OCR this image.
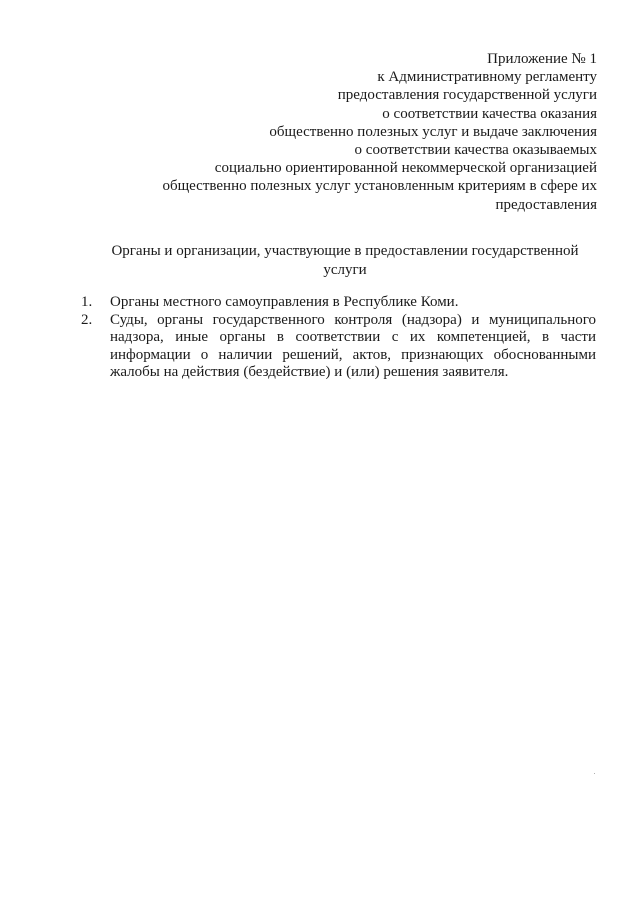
Приложение № 1
к Административному регламенту
предоставления государственной услуги
о соответствии качества оказания
общественно полезных услуг и выдаче заключения
о соответствии качества оказываемых
социально ориентированной некоммерческой организацией
общественно полезных услуг установленным критериям в сфере их
предоставления
Органы и организации, участвующие в предоставлении государственной
услуги
1. Органы местного самоуправления в Республике Коми.
2. Суды, органы государственного контроля (надзора) и муниципального надзора, иные органы в соответствии с их компетенцией, в части информации о наличии решений, актов, признающих обоснованными жалобы на действия (бездействие) и (или) решения заявителя.
